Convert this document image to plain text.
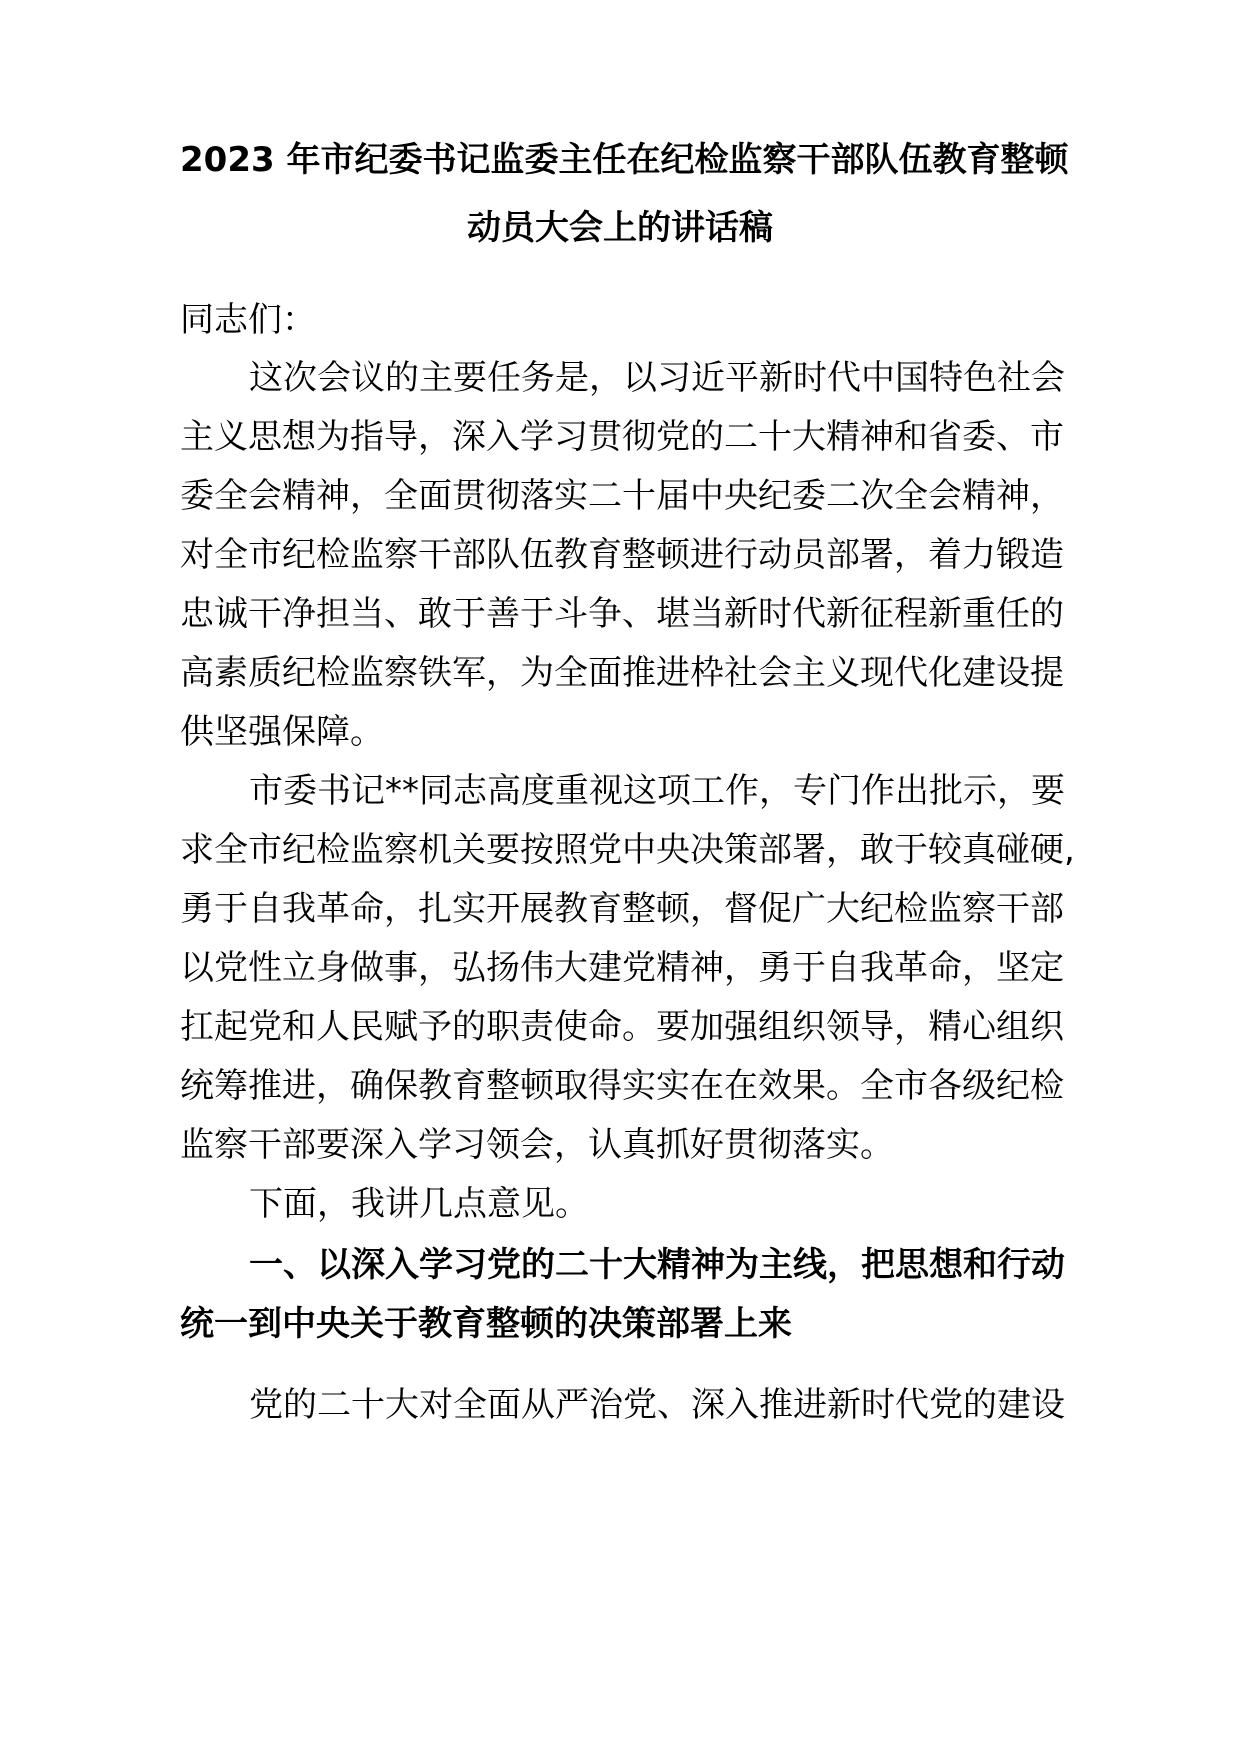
2023 年市纪委书记监委主任在纪检监察干部队伍教育整顿
动员大会上的讲话稿
同志们：
这次会议的主要任务是，以习近平新时代中国特色社会
主义思想为指导，深入学习贯彻党的二十大精神和省委、市
委全会精神，全面贯彻落实二十届中央纪委二次全会精神，
对全市纪检监察干部队伍教育整顿进行动员部署，着力锻造
忠诚干净担当、敢于善于斗争、堪当新时代新征程新重任的
高素质纪检监察铁军，为全面推进枠社会主义现代化建设提
供坚强保障。
市委书记**同志高度重视这项工作，专门作出批示，要
求全市纪检监察机关要按照党中央决策部署，敢于较真碰硬,
勇于自我革命，扎实开展教育整顿，督促广大纪检监察干部
以党性立身做事，弘扬伟大建党精神，勇于自我革命，坚定
扛起党和人民赋予的职责使命。要加强组织领导，精心组织
统筹推进，确保教育整顿取得实实在在效果。全市各级纪检
监察干部要深入学习领会，认真抓好贯彻落实。
下面，我讲几点意见。
一、以深入学习党的二十大精神为主线，把思想和行动
统一到中央关于教育整顿的决策部署上来
党的二十大对全面从严治党、深入推进新时代党的建设
